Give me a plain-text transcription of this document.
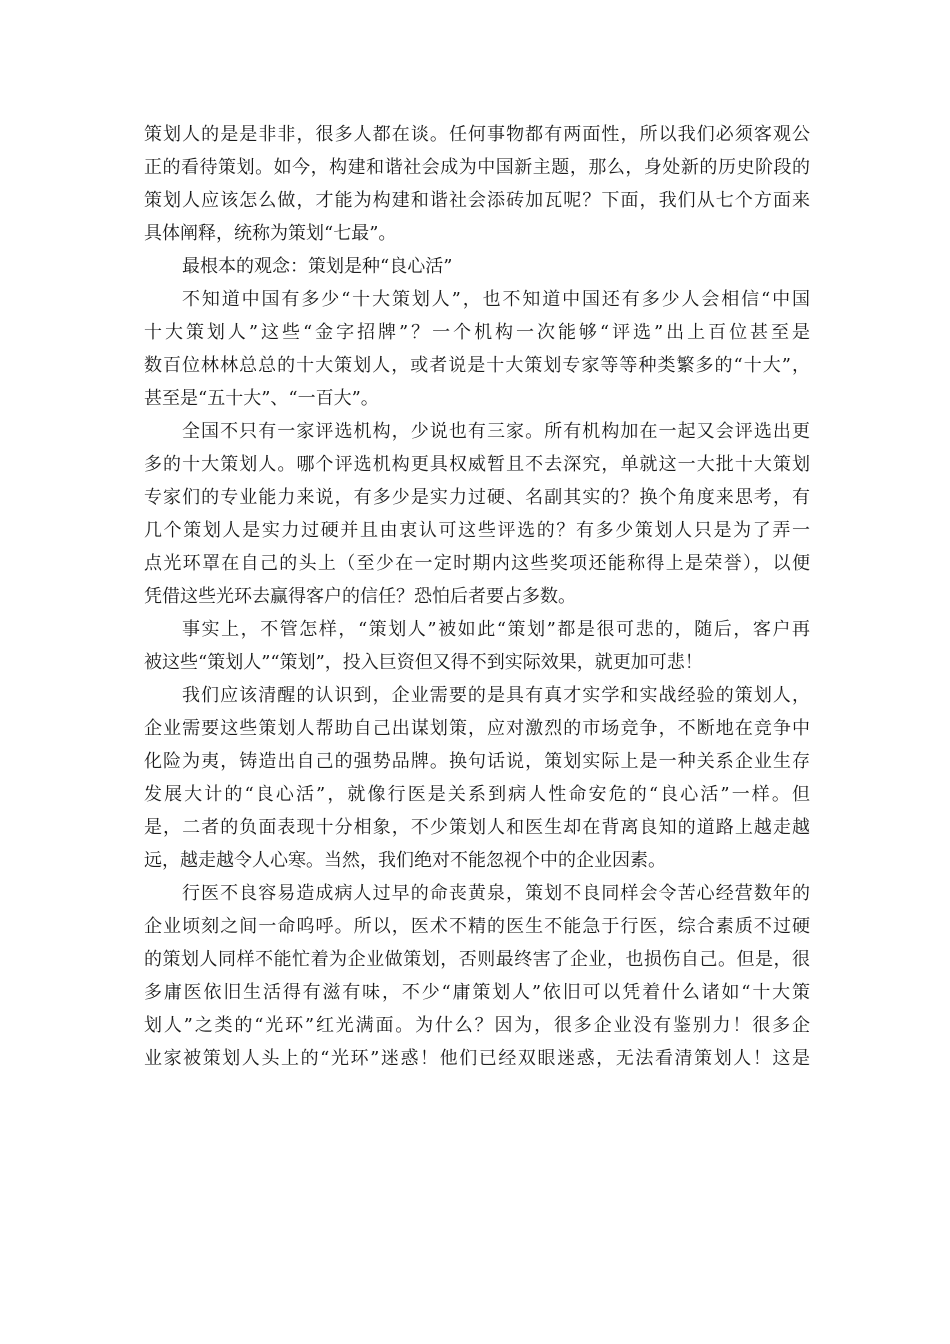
策划人的是是非非，很多人都在谈。任何事物都有两面性，所以我们必须客观公
正的看待策划。如今，构建和谐社会成为中国新主题，那么，身处新的历史阶段的
策划人应该怎么做，才能为构建和谐社会添砖加瓦呢？下面，我们从七个方面来
具体阐释，统称为策划“七最”。
最根本的观念：策划是种“良心活”
不知道中国有多少“十大策划人”，也不知道中国还有多少人会相信“中国
十大策划人”这些“金字招牌”？一个机构一次能够“评选”出上百位甚至是
数百位林林总总的十大策划人，或者说是十大策划专家等等种类繁多的“十大”，
甚至是“五十大”、“一百大”。
全国不只有一家评选机构，少说也有三家。所有机构加在一起又会评选出更
多的十大策划人。哪个评选机构更具权威暂且不去深究，单就这一大批十大策划
专家们的专业能力来说，有多少是实力过硬、名副其实的？换个角度来思考，有
几个策划人是实力过硬并且由衷认可这些评选的？有多少策划人只是为了弄一
点光环罩在自己的头上（至少在一定时期内这些奖项还能称得上是荣誉），以便
凭借这些光环去赢得客户的信任？恐怕后者要占多数。
事实上，不管怎样，“策划人”被如此“策划”都是很可悲的，随后，客户再
被这些“策划人”“策划”，投入巨资但又得不到实际效果，就更加可悲！
我们应该清醒的认识到，企业需要的是具有真才实学和实战经验的策划人，
企业需要这些策划人帮助自己出谋划策，应对激烈的市场竞争，不断地在竞争中
化险为夷，铸造出自己的强势品牌。换句话说，策划实际上是一种关系企业生存
发展大计的“良心活”，就像行医是关系到病人性命安危的“良心活”一样。但
是，二者的负面表现十分相象，不少策划人和医生却在背离良知的道路上越走越
远，越走越令人心寒。当然，我们绝对不能忽视个中的企业因素。
行医不良容易造成病人过早的命丧黄泉，策划不良同样会令苦心经营数年的
企业顷刻之间一命呜呼。所以，医术不精的医生不能急于行医，综合素质不过硬
的策划人同样不能忙着为企业做策划，否则最终害了企业，也损伤自己。但是，很
多庸医依旧生活得有滋有味，不少“庸策划人”依旧可以凭着什么诸如“十大策
划人”之类的“光环”红光满面。为什么？因为，很多企业没有鉴别力！很多企
业家被策划人头上的“光环”迷惑！他们已经双眼迷惑，无法看清策划人！这是
